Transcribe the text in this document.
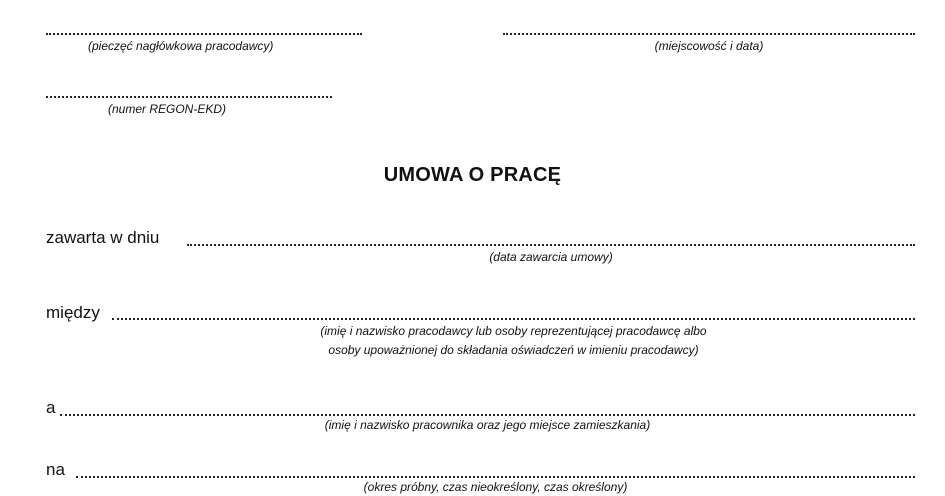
(pieczęć nagłówkowa pracodawcy)	(miejscowość i data)
(numer REGON-EKD)
UMOWA O PRACĘ
zawarta w dniu
(data zawarcia umowy)
między
(imię i nazwisko pracodawcy lub osoby reprezentującej pracodawcę albo
osoby upoważnionej do składania oświadczeń w imieniu pracodawcy)
a
(imię i nazwisko pracownika oraz jego miejsce zamieszkania)
na
(okres próbny, czas nieokreślony, czas określony)
